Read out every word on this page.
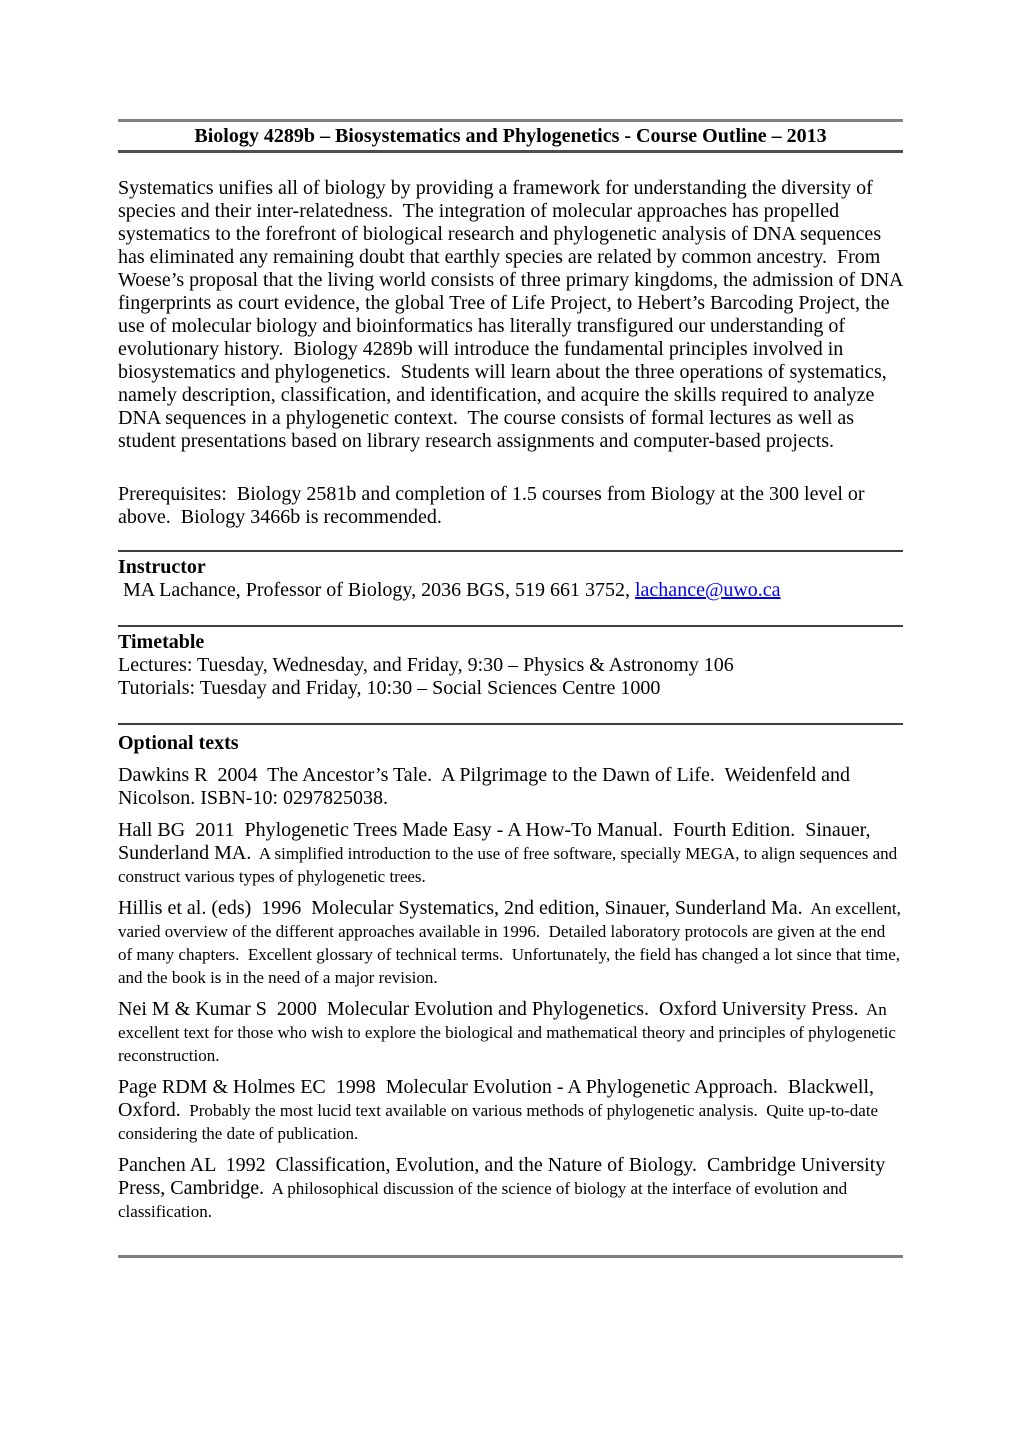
Biology 4289b – Biosystematics and Phylogenetics - Course Outline – 2013

Systematics unifies all of biology by providing a framework for understanding the diversity of species and their inter-relatedness.  The integration of molecular approaches has propelled systematics to the forefront of biological research and phylogenetic analysis of DNA sequences has eliminated any remaining doubt that earthly species are related by common ancestry.  From Woese’s proposal that the living world consists of three primary kingdoms, the admission of DNA fingerprints as court evidence, the global Tree of Life Project, to Hebert’s Barcoding Project, the use of molecular biology and bioinformatics has literally transfigured our understanding of evolutionary history.  Biology 4289b will introduce the fundamental principles involved in biosystematics and phylogenetics.  Students will learn about the three operations of systematics, namely description, classification, and identification, and acquire the skills required to analyze DNA sequences in a phylogenetic context.  The course consists of formal lectures as well as student presentations based on library research assignments and computer-based projects.

Prerequisites:  Biology 2581b and completion of 1.5 courses from Biology at the 300 level or above.  Biology 3466b is recommended.

Instructor

MA Lachance, Professor of Biology, 2036 BGS, 519 661 3752, lachance@uwo.ca

Timetable

Lectures: Tuesday, Wednesday, and Friday, 9:30 – Physics & Astronomy 106

Tutorials: Tuesday and Friday, 10:30 – Social Sciences Centre 1000

Optional texts

Dawkins R  2004  The Ancestor’s Tale.  A Pilgrimage to the Dawn of Life.  Weidenfeld and Nicolson. ISBN-10: 0297825038.

Hall BG  2011  Phylogenetic Trees Made Easy - A How-To Manual.  Fourth Edition.  Sinauer, Sunderland MA.  A simplified introduction to the use of free software, specially MEGA, to align sequences and construct various types of phylogenetic trees.

Hillis et al. (eds)  1996  Molecular Systematics, 2nd edition, Sinauer, Sunderland Ma.  An excellent, varied overview of the different approaches available in 1996.  Detailed laboratory protocols are given at the end of many chapters.  Excellent glossary of technical terms.  Unfortunately, the field has changed a lot since that time, and the book is in the need of a major revision.

Nei M & Kumar S  2000  Molecular Evolution and Phylogenetics.  Oxford University Press.  An excellent text for those who wish to explore the biological and mathematical theory and principles of phylogenetic reconstruction.

Page RDM & Holmes EC  1998  Molecular Evolution - A Phylogenetic Approach.  Blackwell, Oxford.  Probably the most lucid text available on various methods of phylogenetic analysis.  Quite up-to-date considering the date of publication.

Panchen AL  1992  Classification, Evolution, and the Nature of Biology.  Cambridge University Press, Cambridge.  A philosophical discussion of the science of biology at the interface of evolution and classification.
